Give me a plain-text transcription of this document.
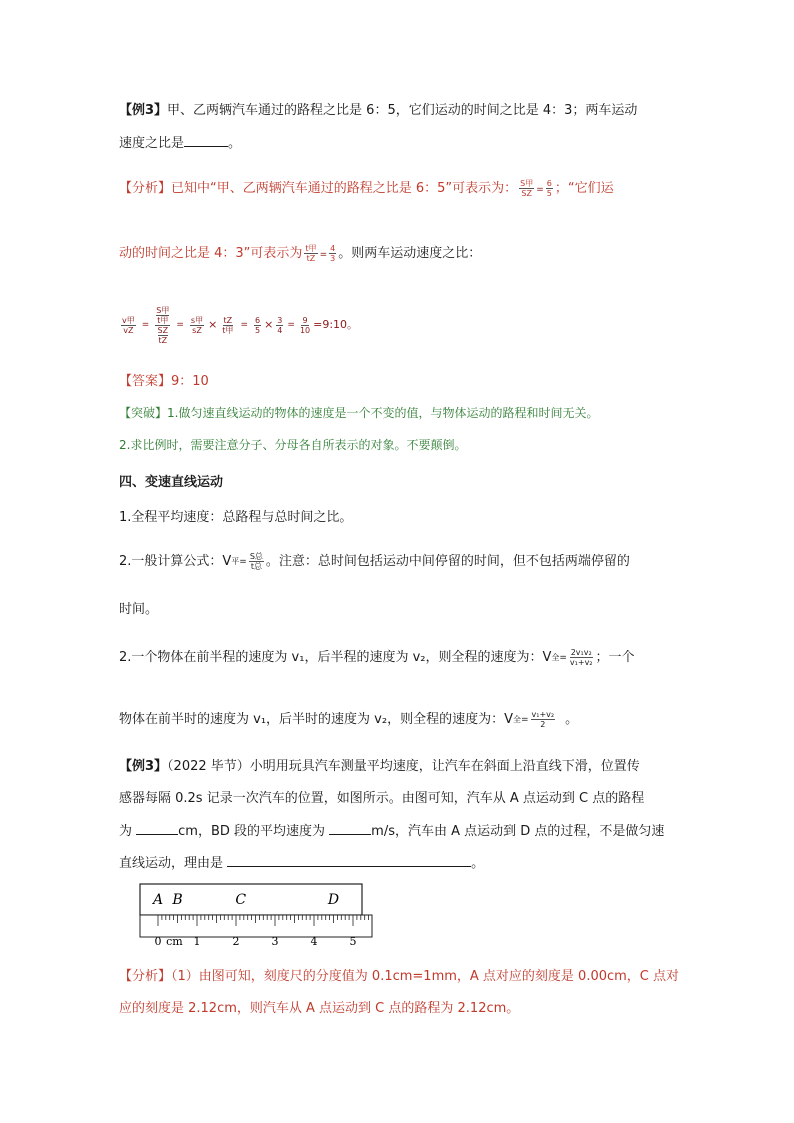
【例3】甲、乙两辆汽车通过的路程之比是 6：5，它们运动的时间之比是 4：3；两车运动
速度之比是	。
【分析】已知中“甲、乙两辆汽车通过的路程之比是 6：5”可表示为： $\frac{\text{S甲}}{SZ} = \frac{6}{5}$ ；“它们运
动的时间之比是 4：3”可表示为 $\frac{\text{t甲}}{tZ} = \frac{4}{3}$ 。则两车运动速度之比：
$\frac{\text{v甲}}{vZ} = S$甲
t甲
$\frac{SZ}{tZ} = \frac{\text{s甲}}{sZ} \times \frac{tZ}{\text{t甲}} = \frac{6}{5} \times \frac{3}{4} = \frac{9}{10}$ =9:10。
【答案】9：10
【突破】1.做匀速直线运动的物体的速度是一个不变的值，与物体运动的路程和时间无关。
2.求比例时，需要注意分子、分母各自所表示的对象。不要颠倒。
四、变速直线运动
1.全程平均速度：总路程与总时间之比。
2.一般计算公式：V 平 = $\frac{\text{S总}}{\text{t总}}$ 。注意：总时间包括运动中间停留的时间，但不包括两端停留的
时间。
2.一个物体在前半程的速度为 v₁，后半程的速度为 v₂，则全程的速度为：V 全 = $\frac{\text{2v₁v₂}}{\text{v₁+v₂}}$ ；一个
物体在前半时的速度为 v₁，后半时的速度为 v₂，则全程的速度为：V 全 = $\frac{\text{v₁+v₂}}{2}$ 。
【例3】（2022 毕节）小明用玩具汽车测量平均速度，让汽车在斜面上沿直线下滑，位置传
感器每隔 0.2s 记录一次汽车的位置，如图所示。由图可知，汽车从 A 点运动到 C 点的路程
为	cm，BD 段的平均速度为	m/s，汽车由 A 点运动到 D 点的过程，不是做匀速
直线运动，理由是	。
A B	C	D
0 cm 1	2	3	4	5
【分析】（1）由图可知，刻度尺的分度值为 0.1cm=1mm，A 点对应的刻度是 0.00cm，C 点对
应的刻度是 2.12cm，则汽车从 A 点运动到 C 点的路程为 2.12cm。
